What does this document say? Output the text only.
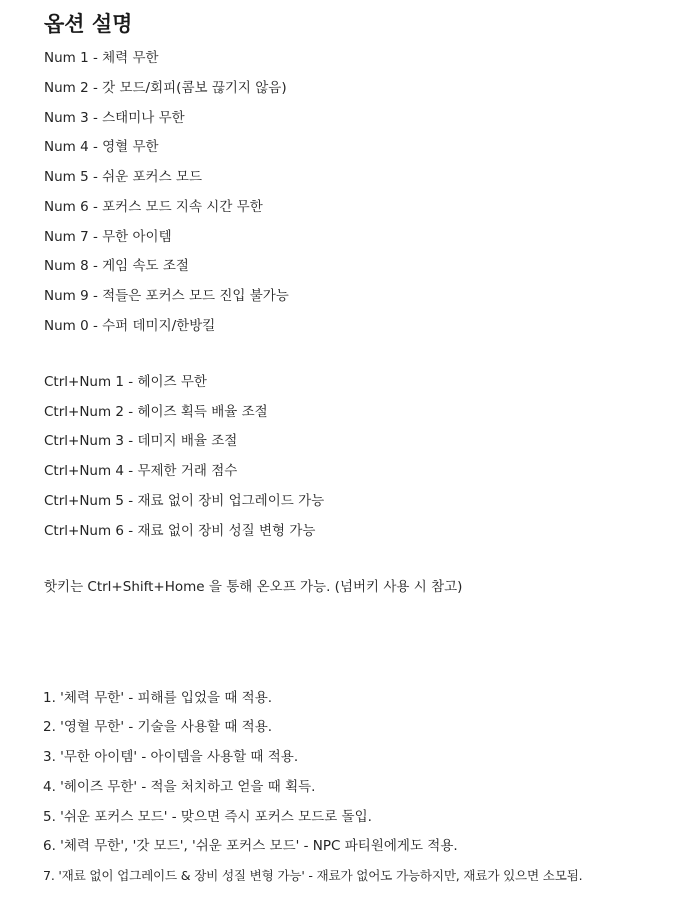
옵션 설명
Num 1 - 체력 무한
Num 2 - 갓 모드/회피(콤보 끊기지 않음)
Num 3 - 스태미나 무한
Num 4 - 영혈 무한
Num 5 - 쉬운 포커스 모드
Num 6 - 포커스 모드 지속 시간 무한
Num 7 - 무한 아이템
Num 8 - 게임 속도 조절
Num 9 - 적들은 포커스 모드 진입 불가능
Num 0 - 수퍼 데미지/한방킬
Ctrl+Num 1 - 헤이즈 무한
Ctrl+Num 2 - 헤이즈 획득 배율 조절
Ctrl+Num 3 - 데미지 배율 조절
Ctrl+Num 4 - 무제한 거래 점수
Ctrl+Num 5 - 재료 없이 장비 업그레이드 가능
Ctrl+Num 6 - 재료 없이 장비 성질 변형 가능
핫키는 Ctrl+Shift+Home 을 통해 온오프 가능. (넘버키 사용 시 참고)
1. '체력 무한' - 피해를 입었을 때 적용.
2. '영혈 무한' - 기술을 사용할 때 적용.
3. '무한 아이템' - 아이템을 사용할 때 적용.
4. '헤이즈 무한' - 적을 처치하고 얻을 때 획득.
5. '쉬운 포커스 모드' - 맞으면 즉시 포커스 모드로 돌입.
6. '체력 무한', '갓 모드', '쉬운 포커스 모드' - NPC 파티원에게도 적용.
7. '재료 없이 업그레이드 & 장비 성질 변형 가능' - 재료가 없어도 가능하지만, 재료가 있으면 소모됨.
